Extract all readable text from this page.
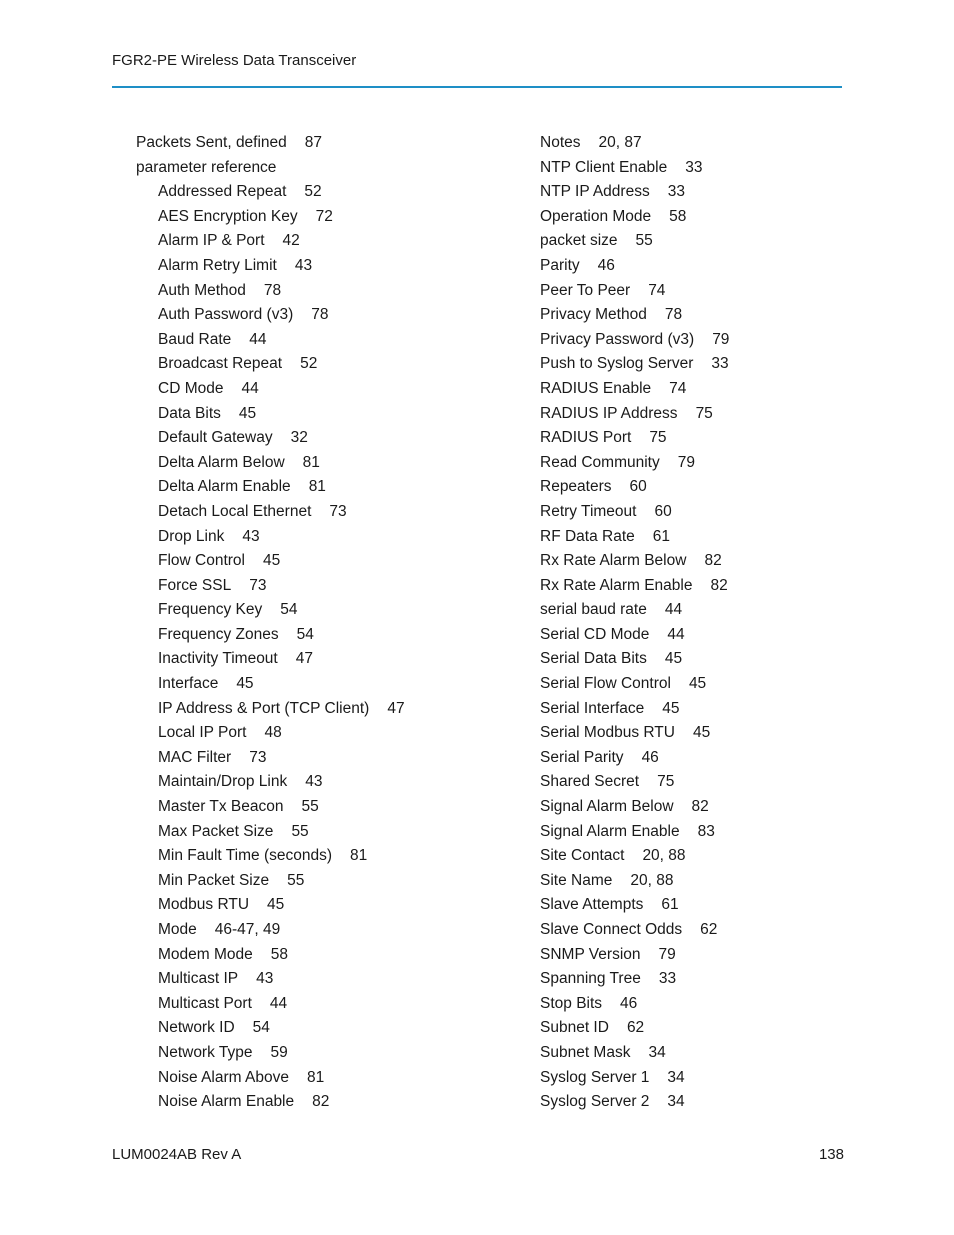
FGR2-PE Wireless Data Transceiver
Packets Sent, defined 87
parameter reference
Addressed Repeat 52
AES Encryption Key 72
Alarm IP & Port 42
Alarm Retry Limit 43
Auth Method 78
Auth Password (v3) 78
Baud Rate 44
Broadcast Repeat 52
CD Mode 44
Data Bits 45
Default Gateway 32
Delta Alarm Below 81
Delta Alarm Enable 81
Detach Local Ethernet 73
Drop Link 43
Flow Control 45
Force SSL 73
Frequency Key 54
Frequency Zones 54
Inactivity Timeout 47
Interface 45
IP Address & Port (TCP Client) 47
Local IP Port 48
MAC Filter 73
Maintain/Drop Link 43
Master Tx Beacon 55
Max Packet Size 55
Min Fault Time (seconds) 81
Min Packet Size 55
Modbus RTU 45
Mode 46-47, 49
Modem Mode 58
Multicast IP 43
Multicast Port 44
Network ID 54
Network Type 59
Noise Alarm Above 81
Noise Alarm Enable 82
Notes 20, 87
NTP Client Enable 33
NTP IP Address 33
Operation Mode 58
packet size 55
Parity 46
Peer To Peer 74
Privacy Method 78
Privacy Password (v3) 79
Push to Syslog Server 33
RADIUS Enable 74
RADIUS IP Address 75
RADIUS Port 75
Read Community 79
Repeaters 60
Retry Timeout 60
RF Data Rate 61
Rx Rate Alarm Below 82
Rx Rate Alarm Enable 82
serial baud rate 44
Serial CD Mode 44
Serial Data Bits 45
Serial Flow Control 45
Serial Interface 45
Serial Modbus RTU 45
Serial Parity 46
Shared Secret 75
Signal Alarm Below 82
Signal Alarm Enable 83
Site Contact 20, 88
Site Name 20, 88
Slave Attempts 61
Slave Connect Odds 62
SNMP Version 79
Spanning Tree 33
Stop Bits 46
Subnet ID 62
Subnet Mask 34
Syslog Server 1 34
Syslog Server 2 34
LUM0024AB Rev A	138
